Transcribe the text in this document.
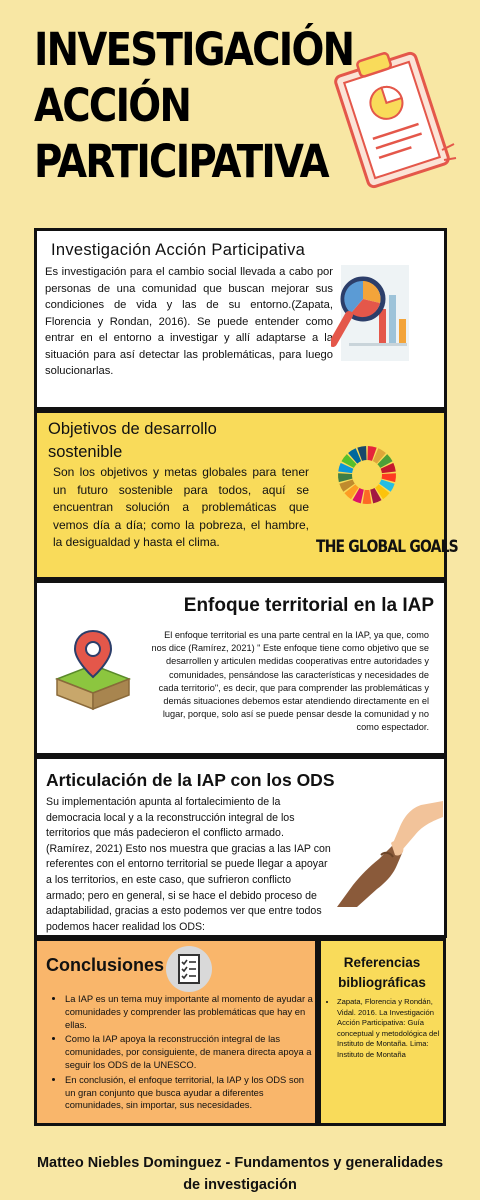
INVESTIGACIÓN
ACCIÓN
PARTICIPATIVA
Investigación Acción Participativa
Es investigación para el cambio social llevada a cabo por personas de una comunidad que buscan mejorar sus condiciones de vida y las de su entorno.(Zapata, Florencia y Rondan, 2016). Se puede entender como entrar en el entorno a investigar y allí adaptarse a la situación para así detectar las problemáticas, para luego solucionarlas.
Objetivos de desarrollo
sostenible
Son los objetivos y metas globales para tener un futuro sostenible para todos, aquí se encuentran solución a problemáticas que vemos día a día; como la pobreza, el hambre, la desigualdad y hasta el clima.	THE GLOBAL GOALS
Enfoque territorial en la IAP
El enfoque territorial es una parte central en la IAP, ya que, como nos dice (Ramírez, 2021) " Este enfoque tiene como objetivo que se desarrollen y articulen medidas cooperativas entre autoridades y comunidades, pensándose las características y necesidades de cada territorio", es decir, que para comprender las problemáticas y demás situaciones debemos estar atendiendo directamente en el lugar, porque, solo así se puede pensar desde la comunidad y no como espectador.
Articulación de la IAP con los ODS
Su implementación apunta al fortalecimiento de la democracia local y a la reconstrucción integral de los territorios que más padecieron el conflicto armado. (Ramírez, 2021) Esto nos muestra que gracias a las IAP con referentes con el entorno territorial se puede llegar a apoyar a los territorios, en este caso, que sufrieron conflicto armado; pero en general, si se hace el debido proceso de adaptabilidad, gracias a esto podemos ver que entre todos podemos hacer realidad los ODS:
Conclusiones
• La IAP es un tema muy importante al momento de ayudar a comunidades y comprender las problemáticas que hay en ellas.
• Como la IAP apoya la reconstrucción integral de las comunidades, por consiguiente, de manera directa apoya a seguir los ODS de la UNESCO.
• En conclusión, el enfoque territorial, la IAP y los ODS son un gran conjunto que busca ayudar a diferentes comunidades, sin importar, sus necesidades.
Referencias
bibliográficas
• Zapata, Florencia y Rondán, Vidal. 2016. La Investigación Acción Participativa: Guía conceptual y metodológica del Instituto de Montaña. Lima: Instituto de Montaña
Matteo Niebles Dominguez - Fundamentos y generalidades
de investigación
